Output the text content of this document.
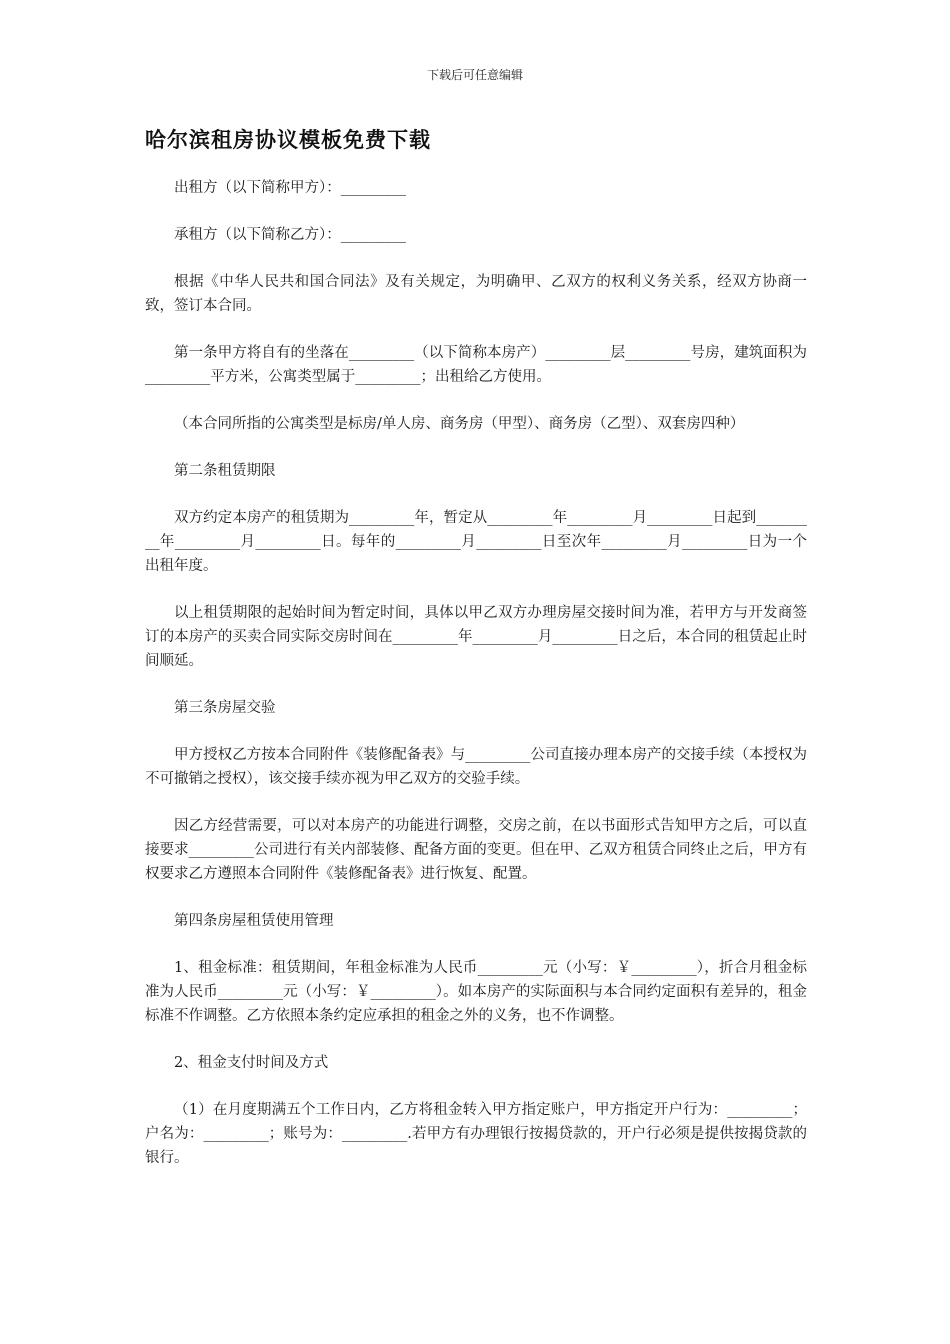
下载后可任意编辑
哈尔滨租房协议模板免费下载

出租方（以下简称甲方）：_________

承租方（以下简称乙方）：_________

根据《中华人民共和国合同法》及有关规定，为明确甲、乙双方的权利义务关系，经双方协商一致，签订本合同。

第一条甲方将自有的坐落在_________（以下简称本房产）_________层_________号房，建筑面积为_________平方米，公寓类型属于_________；出租给乙方使用。

（本合同所指的公寓类型是标房/单人房、商务房（甲型）、商务房（乙型）、双套房四种）

第二条租赁期限

双方约定本房产的租赁期为_________年，暂定从_________年_________月_________日起到_________年_________月_________日。每年的_________月_________日至次年_________月_________日为一个出租年度。

以上租赁期限的起始时间为暂定时间，具体以甲乙双方办理房屋交接时间为准，若甲方与开发商签订的本房产的买卖合同实际交房时间在_________年_________月_________日之后，本合同的租赁起止时间顺延。

第三条房屋交验

甲方授权乙方按本合同附件《装修配备表》与_________公司直接办理本房产的交接手续（本授权为不可撤销之授权），该交接手续亦视为甲乙双方的交验手续。

因乙方经营需要，可以对本房产的功能进行调整，交房之前，在以书面形式告知甲方之后，可以直接要求_________公司进行有关内部装修、配备方面的变更。但在甲、乙双方租赁合同终止之后，甲方有权要求乙方遵照本合同附件《装修配备表》进行恢复、配置。

第四条房屋租赁使用管理

1、租金标准：租赁期间，年租金标准为人民币_________元（小写：￥_________），折合月租金标准为人民币_________元（小写：￥_________）。如本房产的实际面积与本合同约定面积有差异的，租金标准不作调整。乙方依照本条约定应承担的租金之外的义务，也不作调整。

2、租金支付时间及方式

（1）在月度期满五个工作日内，乙方将租金转入甲方指定账户，甲方指定开户行为：_________；户名为：_________；账号为：_________.若甲方有办理银行按揭贷款的，开户行必须是提供按揭贷款的银行。
